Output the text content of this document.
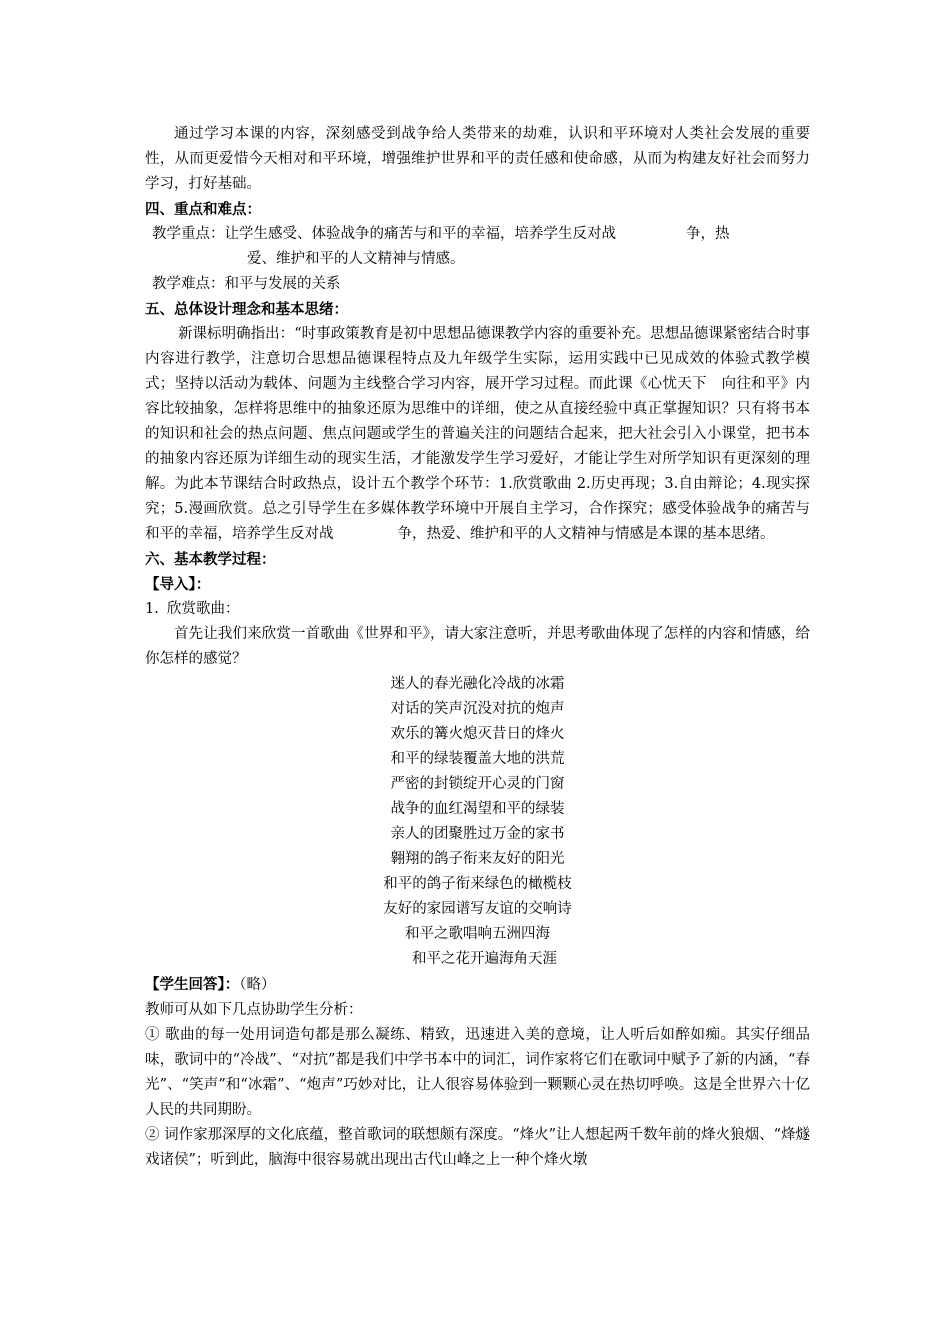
通过学习本课的内容，深刻感受到战争给人类带来的劫难，认识和平环境对人类社会发展的重要性，从而更爱惜今天相对和平环境，增强维护世界和平的责任感和使命感，从而为构建友好社会而努力学习，打好基础。

四、重点和难点：

教学重点：让学生感受、体验战争的痛苦与和平的幸福，培养学生反对战	争，热

爱、维护和平的人文精神与情感。

教学难点：和平与发展的关系

五、总体设计理念和基本思绪：

新课标明确指出：“时事政策教育是初中思想品德课教学内容的重要补充。思想品德课紧密结合时事内容进行教学，注意切合思想品德课程特点及九年级学生实际，运用实践中已见成效的体验式教学模式；坚持以活动为载体、问题为主线整合学习内容，展开学习过程。而此课《心忧天下　向往和平》内容比较抽象，怎样将思维中的抽象还原为思维中的详细，使之从直接经验中真正掌握知识？只有将书本的知识和社会的热点问题、焦点问题或学生的普遍关注的问题结合起来，把大社会引入小课堂，把书本的抽象内容还原为详细生动的现实生活，才能激发学生学习爱好，才能让学生对所学知识有更深刻的理解。为此本节课结合时政热点，设计五个教学个环节：1.欣赏歌曲 2.历史再现；3.自由辩论；4.现实探究；5.漫画欣赏。总之引导学生在多媒体教学环境中开展自主学习，合作探究；感受体验战争的痛苦与和平的幸福，培养学生反对战	争，热爱、维护和平的人文精神与情感是本课的基本思绪。

六、基本教学过程：

【导入】：

1. 欣赏歌曲：

首先让我们来欣赏一首歌曲《世界和平》，请大家注意听，并思考歌曲体现了怎样的内容和情感，给你怎样的感觉？

迷人的春光融化冷战的冰霜
对话的笑声沉没对抗的炮声
欢乐的篝火熄灭昔日的烽火
和平的绿装覆盖大地的洪荒
严密的封锁绽开心灵的门窗
战争的血红渴望和平的绿装
亲人的团聚胜过万金的家书
翱翔的鸽子衔来友好的阳光
和平的鸽子衔来绿色的橄榄枝
友好的家园谱写友谊的交响诗
和平之歌唱响五洲四海
和平之花开遍海角天涯

【学生回答】：（略）

教师可从如下几点协助学生分析：

① 歌曲的每一处用词造句都是那么凝练、精致，迅速进入美的意境，让人听后如醉如痴。其实仔细品味，歌词中的“冷战”、“对抗”都是我们中学书本中的词汇，词作家将它们在歌词中赋予了新的内涵，“春光”、“笑声”和“冰霜”、“炮声”巧妙对比，让人很容易体验到一颗颗心灵在热切呼唤。这是全世界六十亿人民的共同期盼。

② 词作家那深厚的文化底蕴，整首歌词的联想颇有深度。“烽火”让人想起两千数年前的烽火狼烟、“烽燧戏诸侯”；听到此，脑海中很容易就出现出古代山峰之上一种个烽火墩
